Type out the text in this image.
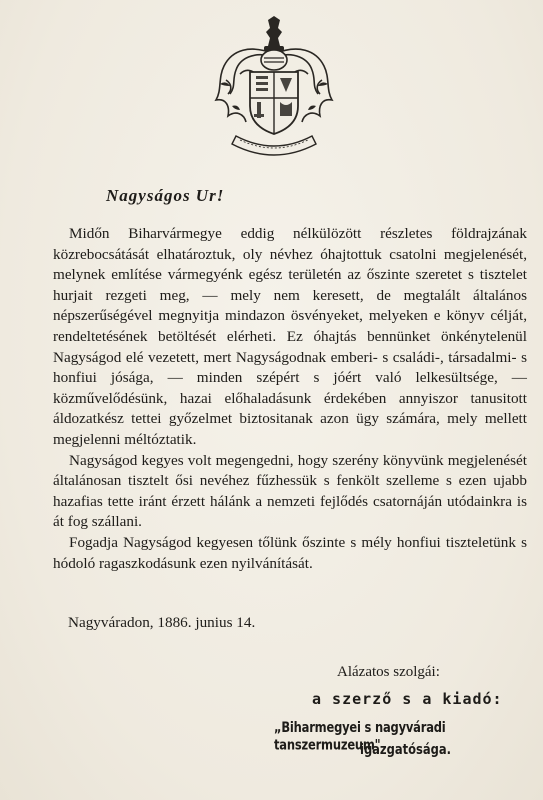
Nagyságos Ur!

Midőn Biharvármegye eddig nélkülözött részletes földrajzának közrebocsátását elhatároztuk, oly névhez óhajtottuk csatolni megjelenését, melynek említése vármegyénk egész területén az őszinte szeretet s tisztelet hurjait rezgeti meg, — mely nem keresett, de megtalált általános népszerűségével megnyitja mindazon ösvényeket, melyeken e könyv célját, rendeltetésének betöltését elérheti. Ez óhajtás bennünket önkénytelenül Nagyságod elé vezetett, mert Nagyságodnak emberi- s családi-, társadalmi- s honfiui jósága, — minden szépért s jóért való lelkesültsége, — közművelődésünk, hazai előhaladásunk érdekében annyiszor tanusitott áldozatkész tettei győzelmet biztositanak azon ügy számára, mely mellett megjelenni méltóztatik.

Nagyságod kegyes volt megengedni, hogy szerény könyvünk megjelenését általánosan tisztelt ősi nevéhez fűzhessük s fenkölt szelleme s ezen ujabb hazafias tette iránt érzett hálánk a nemzeti fejlődés csatornáján utódainkra is át fog szállani.

Fogadja Nagyságod kegyesen tőlünk őszinte s mély honfiui tiszteletünk s hódoló ragaszkodásunk ezen nyilvánítását.

Nagyváradon, 1886. junius 14.

Alázatos szolgái:

a szerző s a kiadó:

„Biharmegyei s nagyváradi tanszermuzeum"

igazgatósága.
